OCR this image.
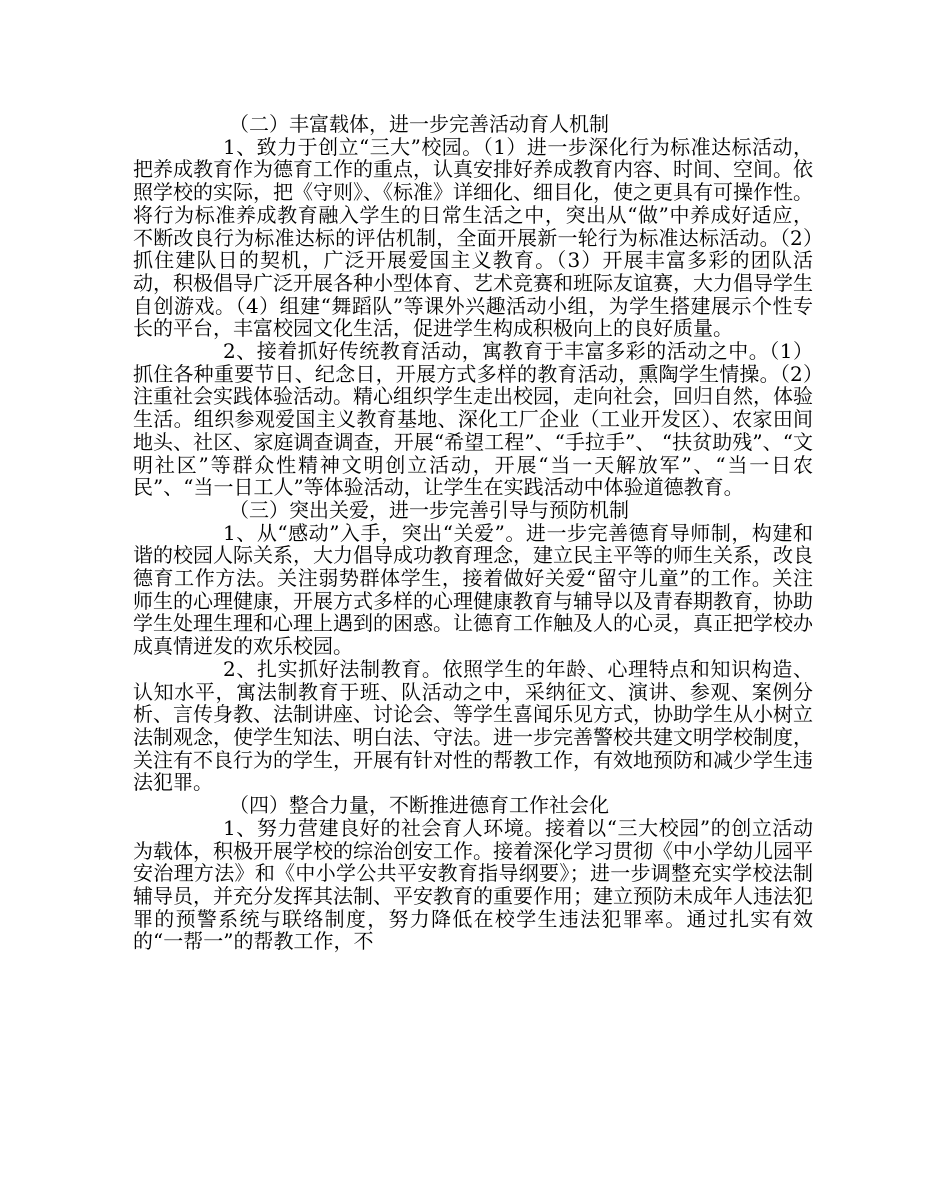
（二）丰富载体，进一步完善活动育人机制

1、致力于创立“三大”校园。（1）进一步深化行为标准达标活动，把养成教育作为德育工作的重点，认真安排好养成教育内容、时间、空间。依照学校的实际，把《守则》、《标准》详细化、细目化，使之更具有可操作性。将行为标准养成教育融入学生的日常生活之中，突出从“做”中养成好适应，不断改良行为标准达标的评估机制，全面开展新一轮行为标准达标活动。（2）抓住建队日的契机，广泛开展爱国主义教育。（3）开展丰富多彩的团队活动，积极倡导广泛开展各种小型体育、艺术竞赛和班际友谊赛，大力倡导学生自创游戏。（4）组建“舞蹈队”等课外兴趣活动小组，为学生搭建展示个性专长的平台，丰富校园文化生活，促进学生构成积极向上的良好质量。

2、接着抓好传统教育活动，寓教育于丰富多彩的活动之中。（1）抓住各种重要节日、纪念日，开展方式多样的教育活动，熏陶学生情操。（2）注重社会实践体验活动。精心组织学生走出校园，走向社会，回归自然，体验生活。组织参观爱国主义教育基地、深化工厂企业（工业开发区）、农家田间地头、社区、家庭调查调查，开展“希望工程”、“手拉手”、 “扶贫助残”、“文明社区”等群众性精神文明创立活动，开展“当一天解放军”、“当一日农民”、“当一日工人”等体验活动，让学生在实践活动中体验道德教育。

（三）突出关爱，进一步完善引导与预防机制

1、从“感动”入手，突出“关爱”。进一步完善德育导师制，构建和谐的校园人际关系，大力倡导成功教育理念，建立民主平等的师生关系，改良德育工作方法。关注弱势群体学生，接着做好关爱“留守儿童”的工作。关注师生的心理健康，开展方式多样的心理健康教育与辅导以及青春期教育，协助学生处理生理和心理上遇到的困惑。让德育工作触及人的心灵，真正把学校办成真情迸发的欢乐校园。

2、扎实抓好法制教育。依照学生的年龄、心理特点和知识构造、认知水平，寓法制教育于班、队活动之中，采纳征文、演讲、参观、案例分析、言传身教、法制讲座、讨论会、等学生喜闻乐见方式，协助学生从小树立法制观念，使学生知法、明白法、守法。进一步完善警校共建文明学校制度，关注有不良行为的学生，开展有针对性的帮教工作，有效地预防和减少学生违法犯罪。

（四）整合力量，不断推进德育工作社会化

1、努力营建良好的社会育人环境。接着以“三大校园”的创立活动为载体，积极开展学校的综治创安工作。接着深化学习贯彻《中小学幼儿园平安治理方法》和《中小学公共平安教育指导纲要》；进一步调整充实学校法制辅导员，并充分发挥其法制、平安教育的重要作用；建立预防未成年人违法犯罪的预警系统与联络制度，努力降低在校学生违法犯罪率。通过扎实有效的“一帮一”的帮教工作，不
